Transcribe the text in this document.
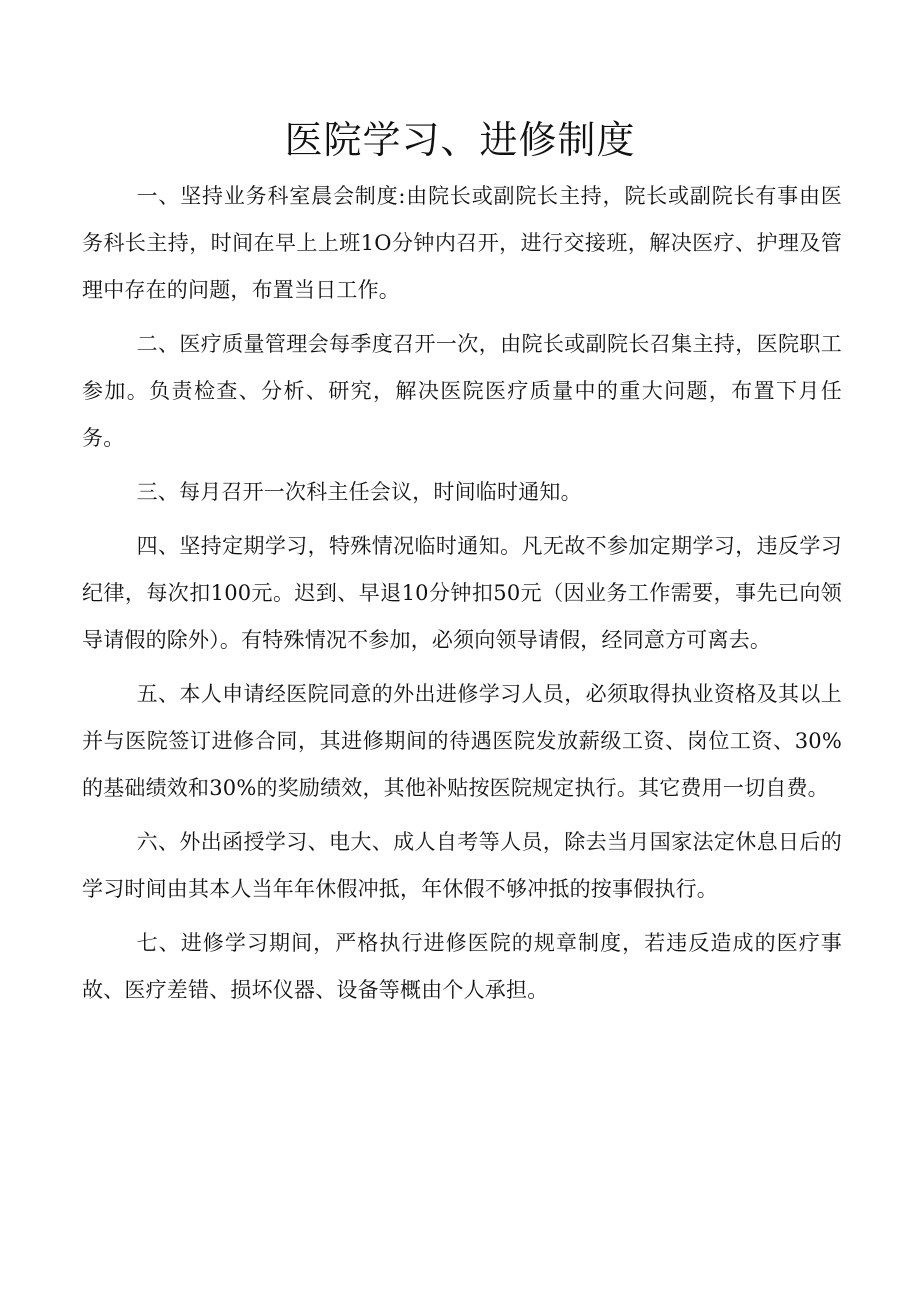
医院学习、进修制度

一、坚持业务科室晨会制度:由院长或副院长主持，院长或副院长有事由医务科长主持，时间在早上上班1O分钟内召开，进行交接班，解决医疗、护理及管理中存在的问题，布置当日工作。

二、医疗质量管理会每季度召开一次，由院长或副院长召集主持，医院职工参加。负责检查、分析、研究，解决医院医疗质量中的重大问题，布置下月任务。

三、每月召开一次科主任会议，时间临时通知。

四、坚持定期学习，特殊情况临时通知。凡无故不参加定期学习，违反学习纪律，每次扣100元。迟到、早退10分钟扣50元（因业务工作需要，事先已向领导请假的除外）。有特殊情况不参加，必须向领导请假，经同意方可离去。

五、本人申请经医院同意的外出进修学习人员，必须取得执业资格及其以上并与医院签订进修合同，其进修期间的待遇医院发放薪级工资、岗位工资、30%的基础绩效和30%的奖励绩效，其他补贴按医院规定执行。其它费用一切自费。

六、外出函授学习、电大、成人自考等人员，除去当月国家法定休息日后的学习时间由其本人当年年休假冲抵，年休假不够冲抵的按事假执行。

七、进修学习期间，严格执行进修医院的规章制度，若违反造成的医疗事故、医疗差错、损坏仪器、设备等概由个人承担。
